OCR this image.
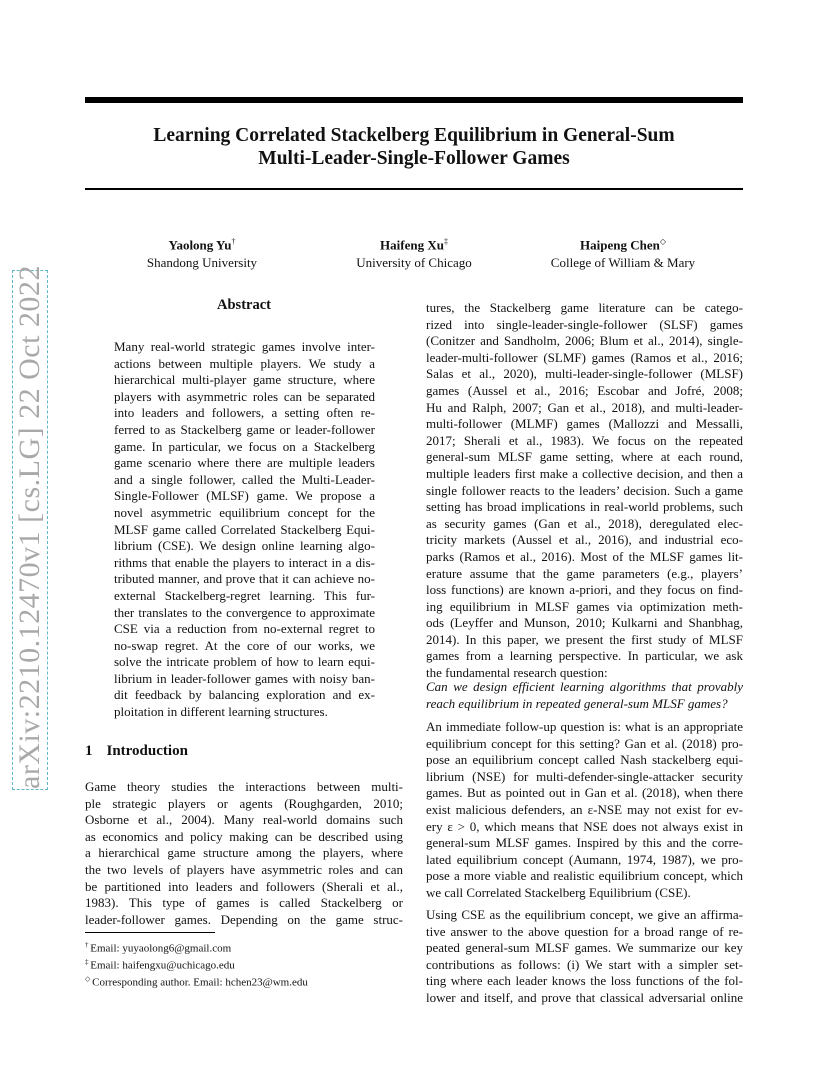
arXiv:2210.12470v1 [cs.LG] 22 Oct 2022
Learning Correlated Stackelberg Equilibrium in General-Sum
Multi-Leader-Single-Follower Games
Yaolong Yu†
Shandong University
Haifeng Xu‡
University of Chicago
Haipeng Chen◇
College of William & Mary
Abstract
Many real-world strategic games involve inter-
actions between multiple players. We study a
hierarchical multi-player game structure, where
players with asymmetric roles can be separated
into leaders and followers, a setting often re-
ferred to as Stackelberg game or leader-follower
game. In particular, we focus on a Stackelberg
game scenario where there are multiple leaders
and a single follower, called the Multi-Leader-
Single-Follower (MLSF) game. We propose a
novel asymmetric equilibrium concept for the
MLSF game called Correlated Stackelberg Equi-
librium (CSE). We design online learning algo-
rithms that enable the players to interact in a dis-
tributed manner, and prove that it can achieve no-
external Stackelberg-regret learning. This fur-
ther translates to the convergence to approximate
CSE via a reduction from no-external regret to
no-swap regret. At the core of our works, we
solve the intricate problem of how to learn equi-
librium in leader-follower games with noisy ban-
dit feedback by balancing exploration and ex-
ploitation in different learning structures.
1 Introduction
Game theory studies the interactions between multi-
ple strategic players or agents (Roughgarden, 2010;
Osborne et al., 2004). Many real-world domains such
as economics and policy making can be described using
a hierarchical game structure among the players, where
the two levels of players have asymmetric roles and can
be partitioned into leaders and followers (Sherali et al.,
1983). This type of games is called Stackelberg or
leader-follower games. Depending on the game struc-
tures, the Stackelberg game literature can be catego-
rized into single-leader-single-follower (SLSF) games
(Conitzer and Sandholm, 2006; Blum et al., 2014), single-
leader-multi-follower (SLMF) games (Ramos et al., 2016;
Salas et al., 2020), multi-leader-single-follower (MLSF)
games (Aussel et al., 2016; Escobar and Jofré, 2008;
Hu and Ralph, 2007; Gan et al., 2018), and multi-leader-
multi-follower (MLMF) games (Mallozzi and Messalli,
2017; Sherali et al., 1983). We focus on the repeated
general-sum MLSF game setting, where at each round,
multiple leaders first make a collective decision, and then a
single follower reacts to the leaders’ decision. Such a game
setting has broad implications in real-world problems, such
as security games (Gan et al., 2018), deregulated elec-
tricity markets (Aussel et al., 2016), and industrial eco-
parks (Ramos et al., 2016). Most of the MLSF games lit-
erature assume that the game parameters (e.g., players’
loss functions) are known a-priori, and they focus on find-
ing equilibrium in MLSF games via optimization meth-
ods (Leyffer and Munson, 2010; Kulkarni and Shanbhag,
2014). In this paper, we present the first study of MLSF
games from a learning perspective. In particular, we ask
the fundamental research question:
Can we design efficient learning algorithms that provably
reach equilibrium in repeated general-sum MLSF games?
An immediate follow-up question is: what is an appropriate
equilibrium concept for this setting? Gan et al. (2018) pro-
pose an equilibrium concept called Nash stackelberg equi-
librium (NSE) for multi-defender-single-attacker security
games. But as pointed out in Gan et al. (2018), when there
exist malicious defenders, an ε-NSE may not exist for ev-
ery ε > 0, which means that NSE does not always exist in
general-sum MLSF games. Inspired by this and the corre-
lated equilibrium concept (Aumann, 1974, 1987), we pro-
pose a more viable and realistic equilibrium concept, which
we call Correlated Stackelberg Equilibrium (CSE).
Using CSE as the equilibrium concept, we give an affirma-
tive answer to the above question for a broad range of re-
peated general-sum MLSF games. We summarize our key
contributions as follows: (i) We start with a simpler set-
ting where each leader knows the loss functions of the fol-
lower and itself, and prove that classical adversarial online
† Email: yuyaolong6@gmail.com
‡ Email: haifengxu@uchicago.edu
◇ Corresponding author. Email: hchen23@wm.edu
